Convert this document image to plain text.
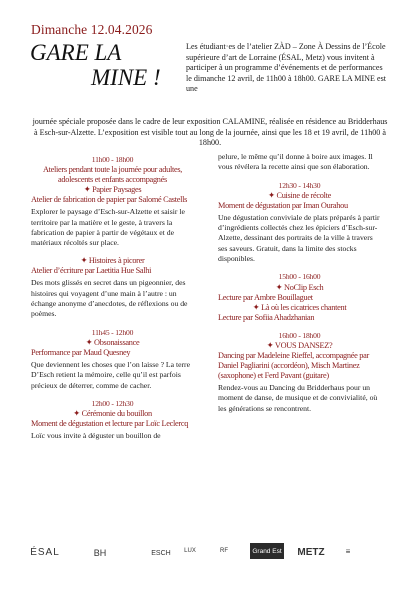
Dimanche 12.04.2026
GARE LA
MINE !

Les étudiant·es de l’atelier ZÀD – Zone À Dessins de l’École supérieure d’art de Lorraine (ÉSAL, Metz) vous invitent à participer à un programme d’événements et de performances le dimanche 12 avril, de 11h00 à 18h00. GARE LA MINE est une

journée spéciale proposée dans le cadre de leur exposition CALAMINE, réalisée en résidence au Bridderhaus à Esch-sur-Alzette. L’exposition est visible tout au long de la journée, ainsi que les 18 et 19 avril, de 11h00 à 18h00.

11h00 - 18h00
Ateliers pendant toute la journée pour adultes, adolescents et enfants accompagnés
✦ Papier Paysages
Atelier de fabrication de papier par Salomé Castells
Explorer le paysage d’Esch-sur-Alzette et saisir le territoire par la matière et le geste, à travers la fabrication de papier à partir de végétaux et de matériaux récoltés sur place.
✦ Histoires à picorer
Atelier d’écriture par Laetitia Hue Salhi
Des mots glissés en secret dans un pigeonnier, des histoires qui voyagent d’une main à l’autre : un échange anonyme d’anecdotes, de réflexions ou de poèmes.
11h45 - 12h00
✦ Obsonaissance
Performance par Maud Quesney
Que deviennent les choses que l’on laisse ? La terre D’Esch retient la mémoire, celle qu’il est parfois précieux de déterrer, comme de cacher.
12h00 - 12h30
✦ Cérémonie du bouillon
Moment de dégustation et lecture par Loïc Leclercq
Loïc vous invite à déguster un bouillon de
pelure, le même qu’il donne à boire aux images. Il vous révélera la recette ainsi que son élaboration.
12h30 - 14h30
✦ Cuisine de récolte
Moment de dégustation par Iman Ourahou
Une dégustation conviviale de plats préparés à partir d’ingrédients collectés chez les épiciers d’Esch-sur-Alzette, dessinant des portraits de la ville à travers ses saveurs. Gratuit, dans la limite des stocks disponibles.
15h00 - 16h00
✦ NoClip Esch
Lecture par Ambre Bouillaguet
✦ Là où les cicatrices chantent
Lecture par Sofiia Ahadzhanian
16h00 - 18h00
✦ VOUS DANSEZ?
Dancing par Madeleine Rieffel, accompagnée par Daniel Pagliarini (accordéon), Misch Martinez (saxophone) et Ferd Pavant (guitare)
Rendez-vous au Dancing du Bridderhaus pour un moment de danse, de musique et de convivialité, où les générations se rencontrent.
ÉSAL	BH	ESCH LUX	RF	Grand Est METZ	≡
